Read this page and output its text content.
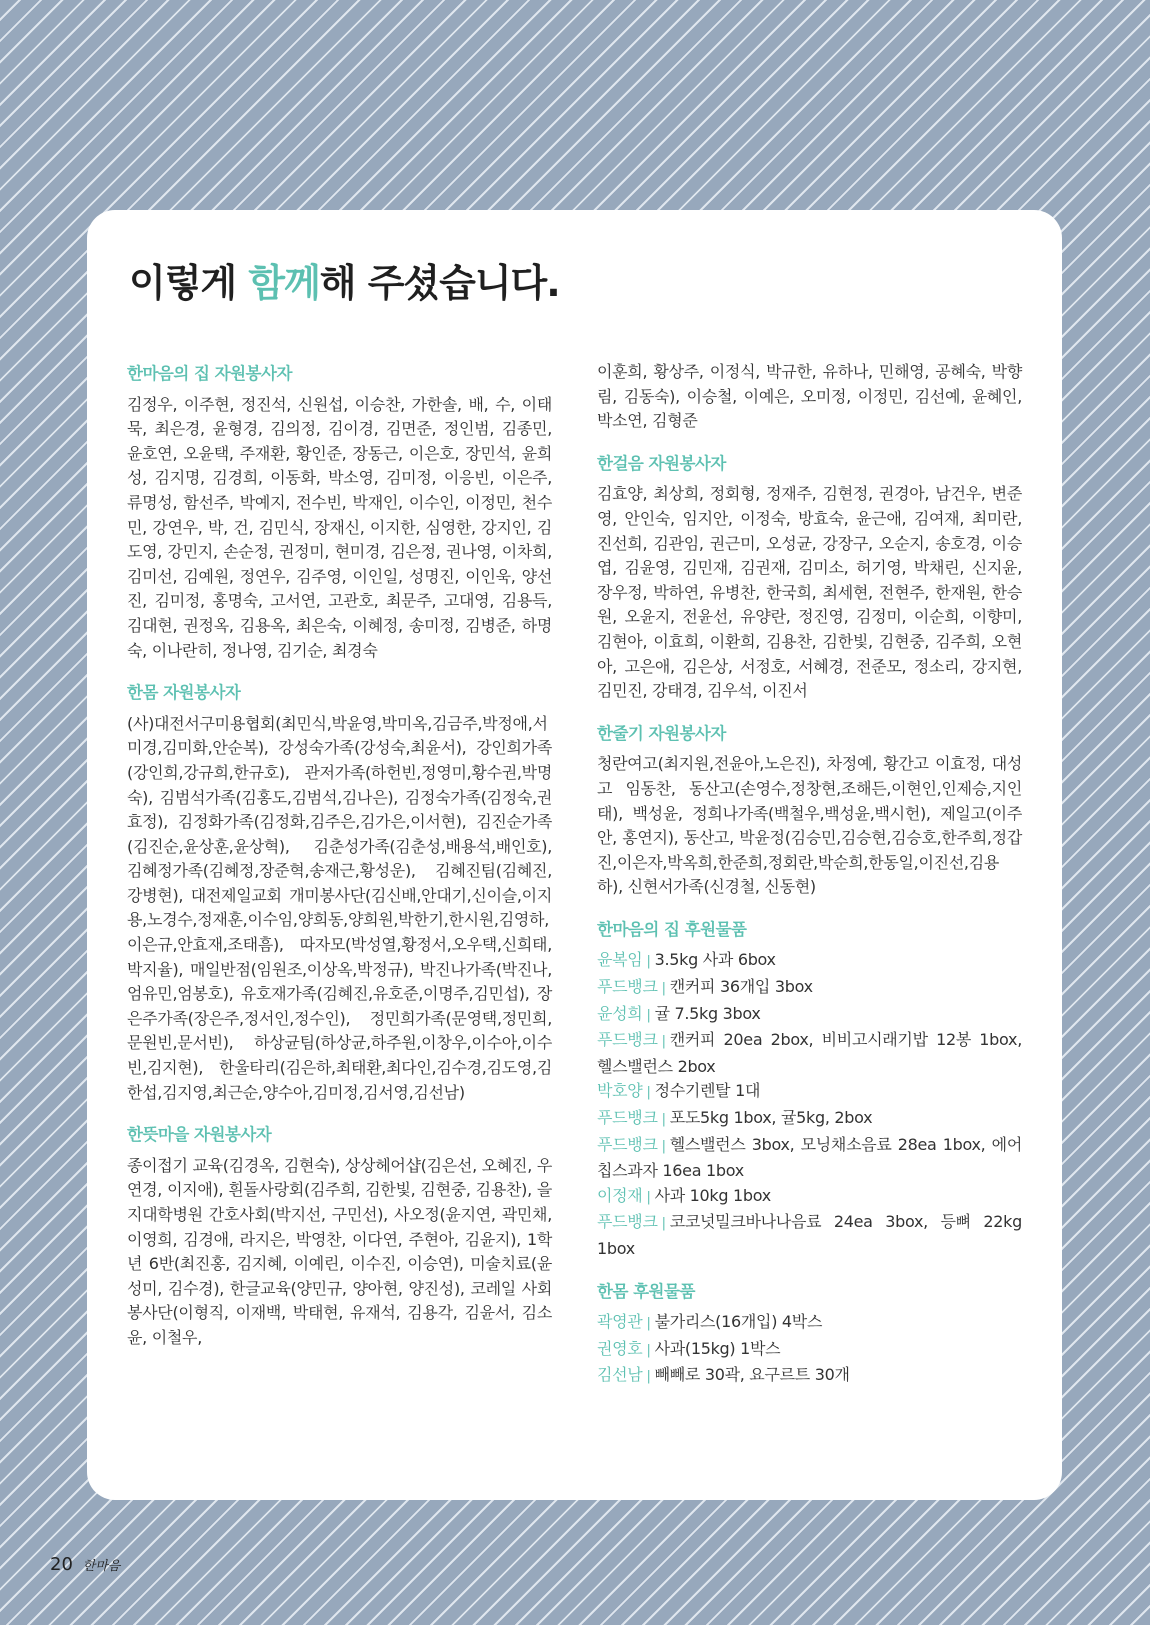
이렇게 함께해 주셨습니다.
한마음의 집 자원봉사자

김정우, 이주현, 정진석, 신원섭, 이승찬, 가한솔, 배, 수, 이태묵, 최은경, 윤형경, 김의정, 김이경, 김면준, 정인범, 김종민, 윤호연, 오윤택, 주재환, 황인준, 장동근, 이은호, 장민석, 윤희성, 김지명, 김경희, 이동화, 박소영, 김미정, 이응빈, 이은주, 류명성, 함선주, 박예지, 전수빈, 박재인, 이수인, 이정민, 천수민, 강연우, 박, 건, 김민식, 장재신, 이지한, 심영한, 강지인, 김도영, 강민지, 손순정, 권정미, 현미경, 김은정, 권나영, 이차희, 김미선, 김예원, 정연우, 김주영, 이인일, 성명진, 이인욱, 양선진, 김미정, 홍명숙, 고서연, 고관호, 최문주, 고대영, 김용득, 김대현, 권정옥, 김용옥, 최은숙, 이혜정, 송미정, 김병준, 하명숙, 이나란히, 정나영, 김기순, 최경숙

한몸 자원봉사자

(사)대전서구미용협회(최민식,박윤영,박미옥,김금주,박정애,서미경,김미화,안순복), 강성숙가족(강성숙,최윤서), 강인희가족(강인희,강규희,한규호), 관저가족(하헌빈,정영미,황수권,박명숙), 김범석가족(김홍도,김범석,김나은), 김정숙가족(김정숙,권효정), 김정화가족(김정화,김주은,김가은,이서현), 김진순가족(김진순,윤상훈,윤상혁), 김춘성가족(김춘성,배용석,배인호), 김혜정가족(김혜정,장준혁,송재근,황성운), 김혜진팀(김혜진,강병현), 대전제일교회 개미봉사단(김신배,안대기,신이슬,이지용,노경수,정재훈,이수임,양희동,양희원,박한기,한시원,김영하,이은규,안효재,조태흠), 따자모(박성열,황정서,오우택,신희태,박지율), 매일반점(임원조,이상옥,박정규), 박진나가족(박진나,엄유민,엄봉호), 유호재가족(김혜진,유호준,이명주,김민섭), 장은주가족(장은주,정서인,정수인), 정민희가족(문영택,정민희,문원빈,문서빈), 하상균팀(하상균,하주원,이창우,이수아,이수빈,김지현), 한울타리(김은하,최태환,최다인,김수경,김도영,김한섭,김지영,최근순,양수아,김미정,김서영,김선남)

한뜻마을 자원봉사자

종이접기 교육(김경옥, 김현숙), 상상헤어샵(김은선, 오혜진, 우연경, 이지애), 흰돌사랑회(김주희, 김한빛, 김현중, 김용찬), 을지대학병원 간호사회(박지선, 구민선), 사오정(윤지연, 곽민채, 이영희, 김경애, 라지은, 박영찬, 이다연, 주현아, 김윤지), 1학년 6반(최진홍, 김지혜, 이예린, 이수진, 이승연), 미술치료(윤성미, 김수경), 한글교육(양민규, 양아현, 양진성), 코레일 사회봉사단(이형직, 이재백, 박태현, 유재석, 김용각, 김윤서, 김소윤, 이철우,

이훈희, 황상주, 이정식, 박규한, 유하나, 민해영, 공혜숙, 박향림, 김동숙), 이승철, 이예은, 오미정, 이정민, 김선예, 윤혜인, 박소연, 김형준

한걸음 자원봉사자

김효양, 최상희, 정회형, 정재주, 김현정, 권경아, 남건우, 변준영, 안인숙, 임지안, 이정숙, 방효숙, 윤근애, 김여재, 최미란, 진선희, 김관임, 권근미, 오성균, 강장구, 오순지, 송호경, 이승엽, 김윤영, 김민재, 김권재, 김미소, 허기영, 박채린, 신지윤, 장우정, 박하연, 유병찬, 한국희, 최세현, 전현주, 한재원, 한승원, 오윤지, 전윤선, 유양란, 정진영, 김정미, 이순희, 이향미, 김현아, 이효희, 이환희, 김용찬, 김한빛, 김현중, 김주희, 오현아, 고은애, 김은상, 서정호, 서혜경, 전준모, 정소리, 강지현, 김민진, 강태경, 김우석, 이진서

한줄기 자원봉사자

청란여고(최지원,전윤아,노은진), 차정예, 황간고 이효정, 대성고 임동찬, 동산고(손영수,정창현,조해든,이현인,인제승,지인태), 백성윤, 정희나가족(백철우,백성윤,백시헌), 제일고(이주안, 홍연지), 동산고, 박윤정(김승민,김승현,김승호,한주희,정갑진,이은자,박옥희,한준희,정회란,박순희,한동일,이진선,김용하), 신현서가족(신경철, 신동현)

한마음의 집 후원물품

윤복임 | 3.5kg 사과 6box

푸드뱅크 | 캔커피 36개입 3box

윤성희 | 귤 7.5kg 3box

푸드뱅크 | 캔커피 20ea 2box, 비비고시래기밥 12봉 1box, 헬스밸런스 2box

박호양 | 정수기렌탈 1대

푸드뱅크 | 포도5kg 1box, 귤5kg, 2box

푸드뱅크 | 헬스밸런스 3box, 모닝채소음료 28ea 1box, 에어칩스과자 16ea 1box

이정재 | 사과 10kg 1box

푸드뱅크 | 코코넛밀크바나나음료 24ea 3box, 등뼈 22kg 1box

한몸 후원물품

곽영관 | 불가리스(16개입) 4박스

권영호 | 사과(15kg) 1박스

김선남 | 빼빼로 30곽, 요구르트 30개

20 한마음
